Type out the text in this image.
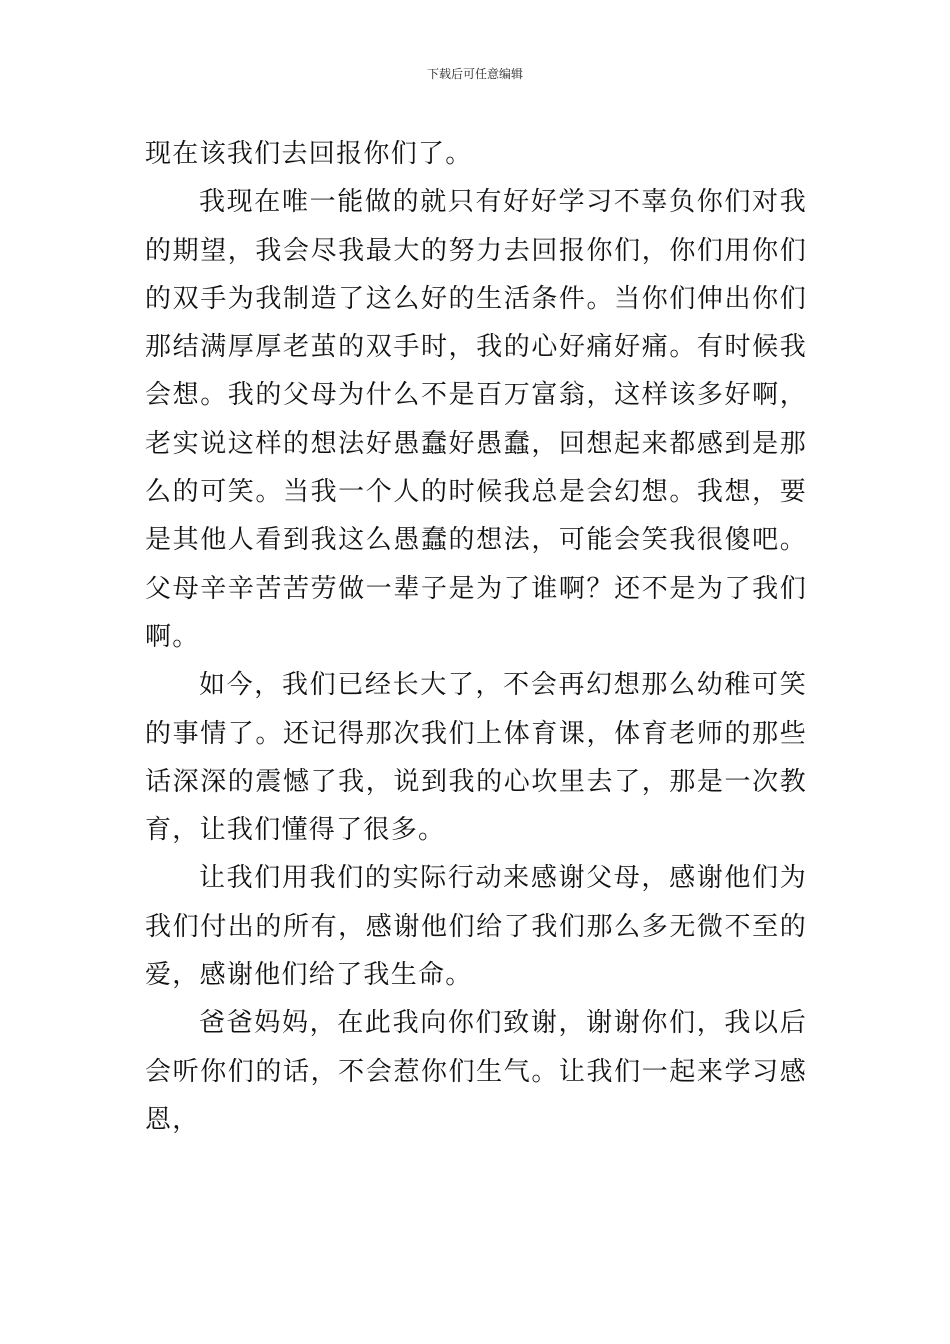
下载后可任意编辑

现在该我们去回报你们了。

我现在唯一能做的就只有好好学习不辜负你们对我的期望，我会尽我最大的努力去回报你们，你们用你们的双手为我制造了这么好的生活条件。当你们伸出你们那结满厚厚老茧的双手时，我的心好痛好痛。有时候我会想。我的父母为什么不是百万富翁，这样该多好啊，老实说这样的想法好愚蠢好愚蠢，回想起来都感到是那么的可笑。当我一个人的时候我总是会幻想。我想，要是其他人看到我这么愚蠢的想法，可能会笑我很傻吧。父母辛辛苦苦劳做一辈子是为了谁啊？还不是为了我们啊。

如今，我们已经长大了，不会再幻想那么幼稚可笑的事情了。还记得那次我们上体育课，体育老师的那些话深深的震憾了我，说到我的心坎里去了，那是一次教育，让我们懂得了很多。

让我们用我们的实际行动来感谢父母，感谢他们为我们付出的所有，感谢他们给了我们那么多无微不至的爱，感谢他们给了我生命。

爸爸妈妈，在此我向你们致谢，谢谢你们，我以后会听你们的话，不会惹你们生气。让我们一起来学习感恩，
